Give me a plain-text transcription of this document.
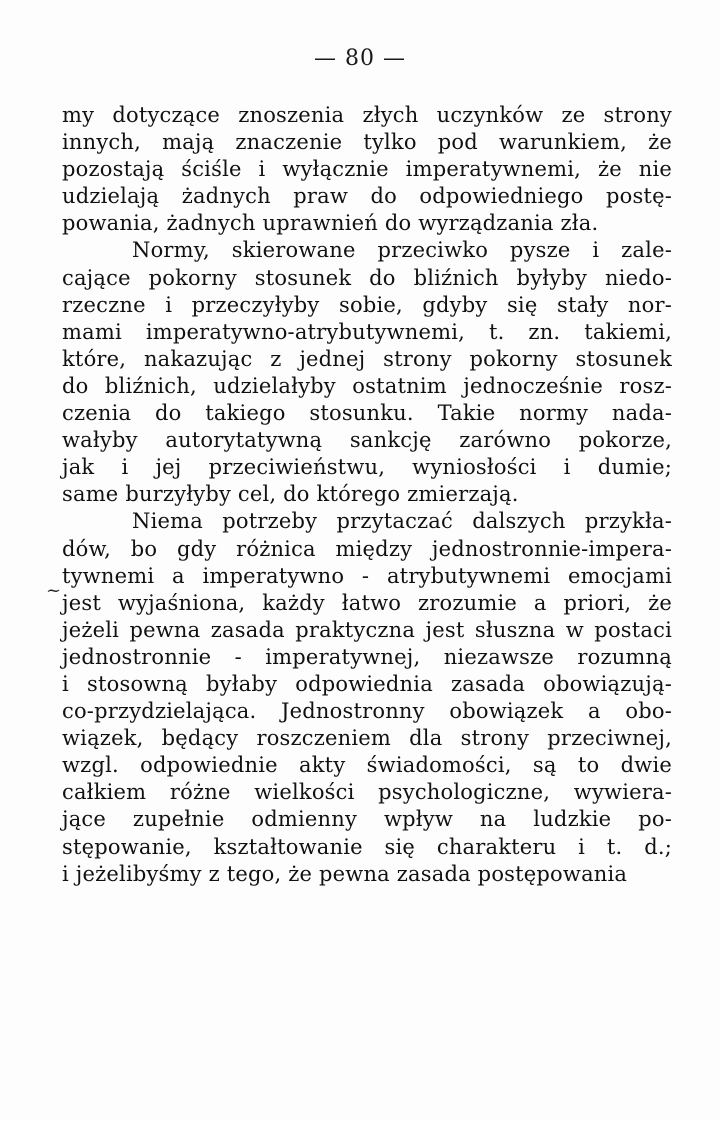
— 80 —
~
my dotyczące znoszenia złych uczynków ze strony
innych, mają znaczenie tylko pod warunkiem, że
pozostają ściśle i wyłącznie imperatywnemi, że nie
udzielają żadnych praw do odpowiedniego postę-
powania, żadnych uprawnień do wyrządzania zła.
Normy, skierowane przeciwko pysze i zale-
cające pokorny stosunek do bliźnich byłyby niedo-
rzeczne i przeczyłyby sobie, gdyby się stały nor-
mami imperatywno-atrybutywnemi, t. zn. takiemi,
które, nakazując z jednej strony pokorny stosunek
do bliźnich, udzielałyby ostatnim jednocześnie rosz-
czenia do takiego stosunku. Takie normy nada-
wałyby autorytatywną sankcję zarówno pokorze,
jak i jej przeciwieństwu, wyniosłości i dumie;
same burzyłyby cel, do którego zmierzają.
Niema potrzeby przytaczać dalszych przykła-
dów, bo gdy różnica między jednostronnie-impera-
tywnemi a imperatywno - atrybutywnemi emocjami
jest wyjaśniona, każdy łatwo zrozumie a priori, że
jeżeli pewna zasada praktyczna jest słuszna w postaci
jednostronnie - imperatywnej, niezawsze rozumną
i stosowną byłaby odpowiednia zasada obowiązują-
co-przydzielająca. Jednostronny obowiązek a obo-
wiązek, będący roszczeniem dla strony przeciwnej,
wzgl. odpowiednie akty świadomości, są to dwie
całkiem różne wielkości psychologiczne, wywiera-
jące zupełnie odmienny wpływ na ludzkie po-
stępowanie, kształtowanie się charakteru i t. d.;
i jeżelibyśmy z tego, że pewna zasada postępowania
